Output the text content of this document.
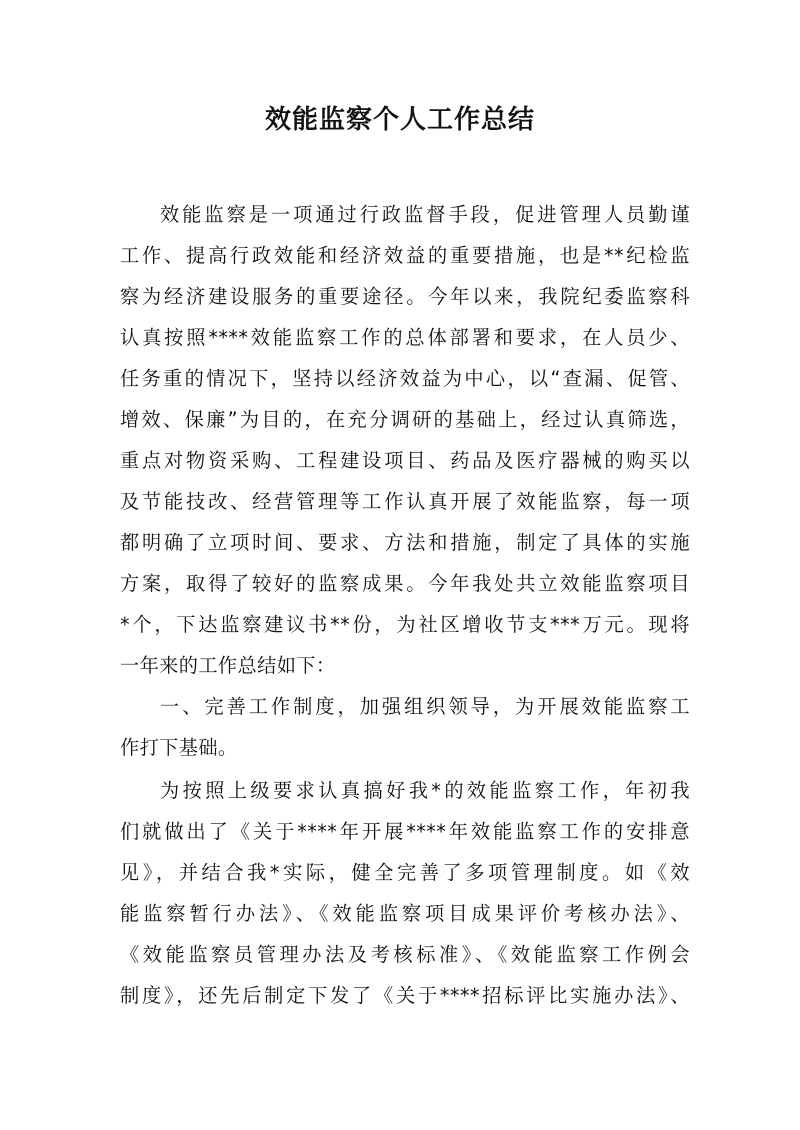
效能监察个人工作总结

效能监察是一项通过行政监督手段，促进管理人员勤谨

工作、提高行政效能和经济效益的重要措施，也是**纪检监

察为经济建设服务的重要途径。今年以来，我院纪委监察科

认真按照****效能监察工作的总体部署和要求，在人员少、

任务重的情况下，坚持以经济效益为中心，以“查漏、促管、

增效、保廉”为目的，在充分调研的基础上，经过认真筛选，

重点对物资采购、工程建设项目、药品及医疗器械的购买以

及节能技改、经营管理等工作认真开展了效能监察，每一项

都明确了立项时间、要求、方法和措施，制定了具体的实施

方案，取得了较好的监察成果。今年我处共立效能监察项目

*个，下达监察建议书**份，为社区增收节支***万元。现将

一年来的工作总结如下：

一、完善工作制度，加强组织领导，为开展效能监察工

作打下基础。

为按照上级要求认真搞好我*的效能监察工作，年初我

们就做出了《关于****年开展****年效能监察工作的安排意

见》，并结合我*实际，健全完善了多项管理制度。如《效

能监察暂行办法》、《效能监察项目成果评价考核办法》、

《效能监察员管理办法及考核标准》、《效能监察工作例会

制度》，还先后制定下发了《关于****招标评比实施办法》、
